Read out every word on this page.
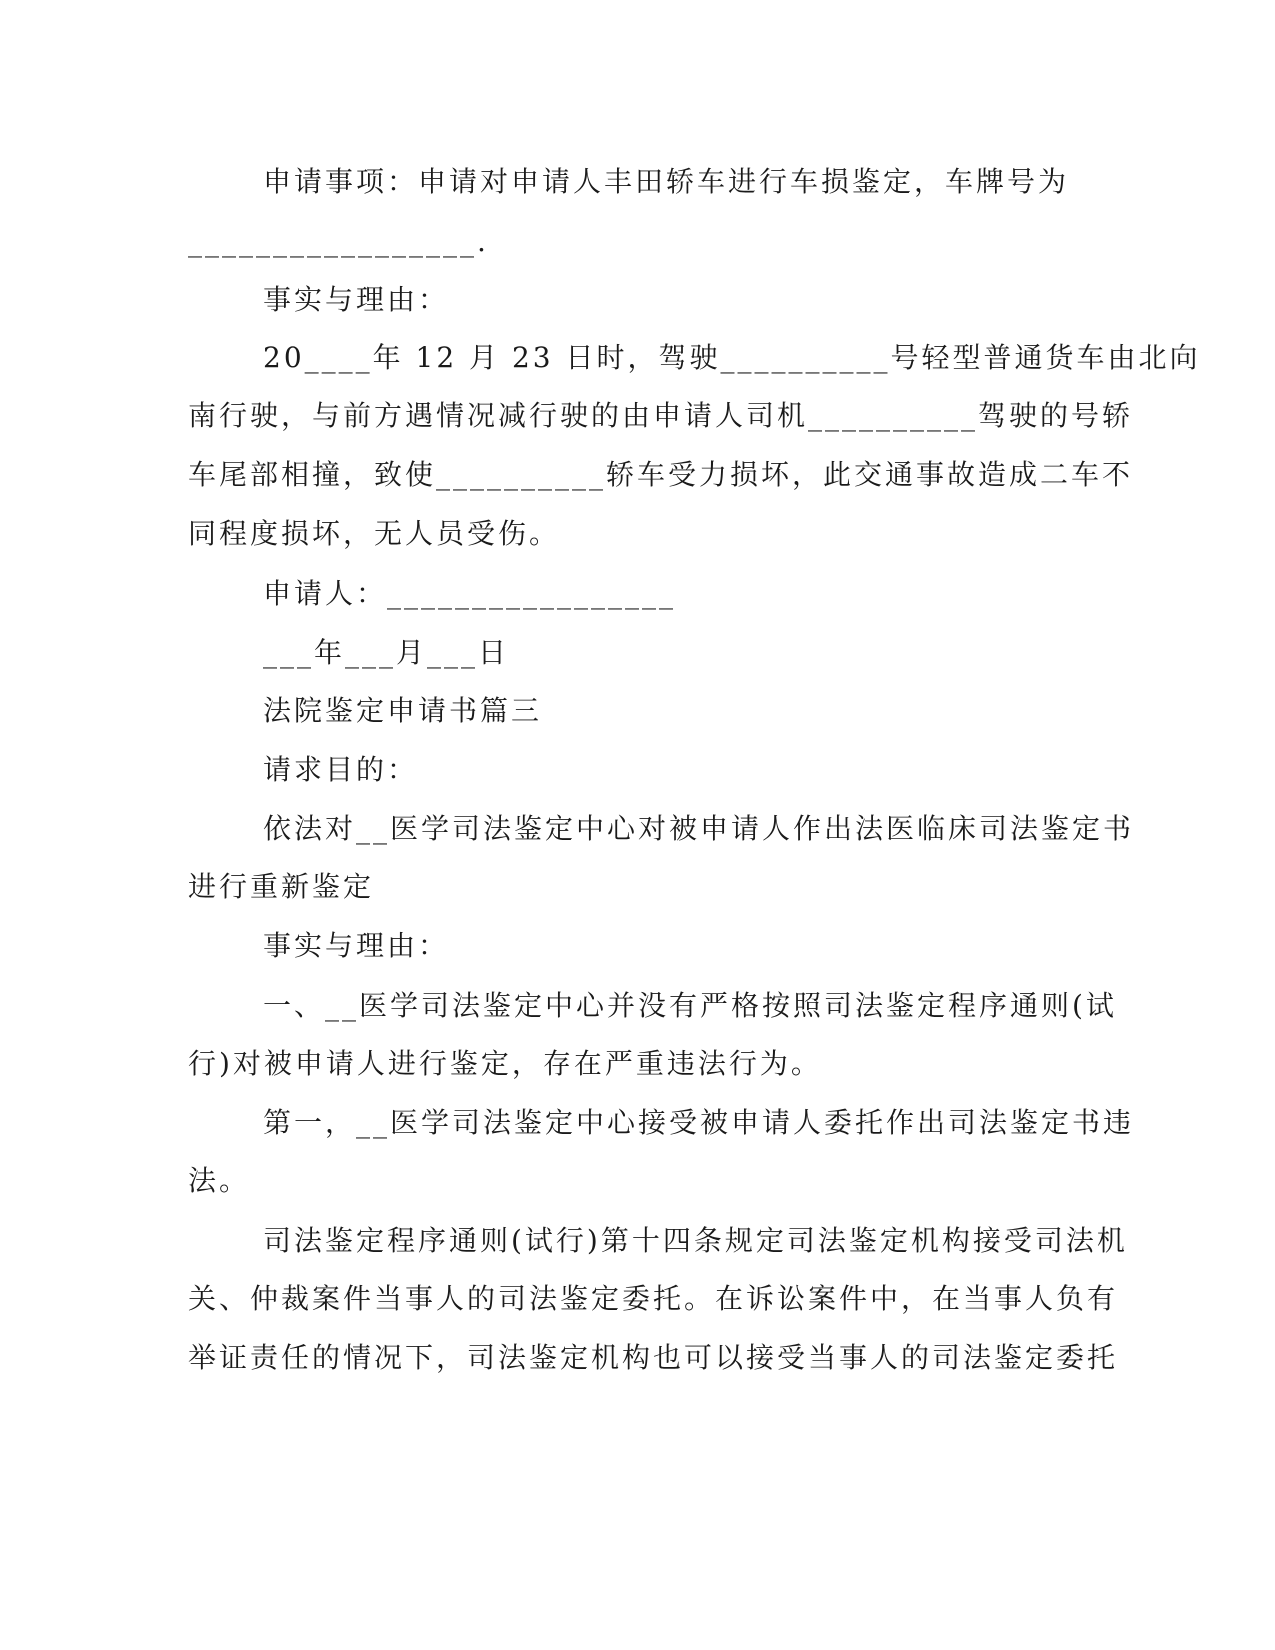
申请事项：申请对申请人丰田轿车进行车损鉴定，车牌号为
_________________.
事实与理由：
20____年 12 月 23 日时，驾驶__________号轻型普通货车由北向
南行驶，与前方遇情况减行驶的由申请人司机__________驾驶的号轿
车尾部相撞，致使__________轿车受力损坏，此交通事故造成二车不
同程度损坏，无人员受伤。
申请人：_________________
___年___月___日
法院鉴定申请书篇三
请求目的：
依法对__医学司法鉴定中心对被申请人作出法医临床司法鉴定书
进行重新鉴定
事实与理由：
一、__医学司法鉴定中心并没有严格按照司法鉴定程序通则(试
行)对被申请人进行鉴定，存在严重违法行为。
第一，__医学司法鉴定中心接受被申请人委托作出司法鉴定书违
法。
司法鉴定程序通则(试行)第十四条规定司法鉴定机构接受司法机
关、仲裁案件当事人的司法鉴定委托。在诉讼案件中，在当事人负有
举证责任的情况下，司法鉴定机构也可以接受当事人的司法鉴定委托
